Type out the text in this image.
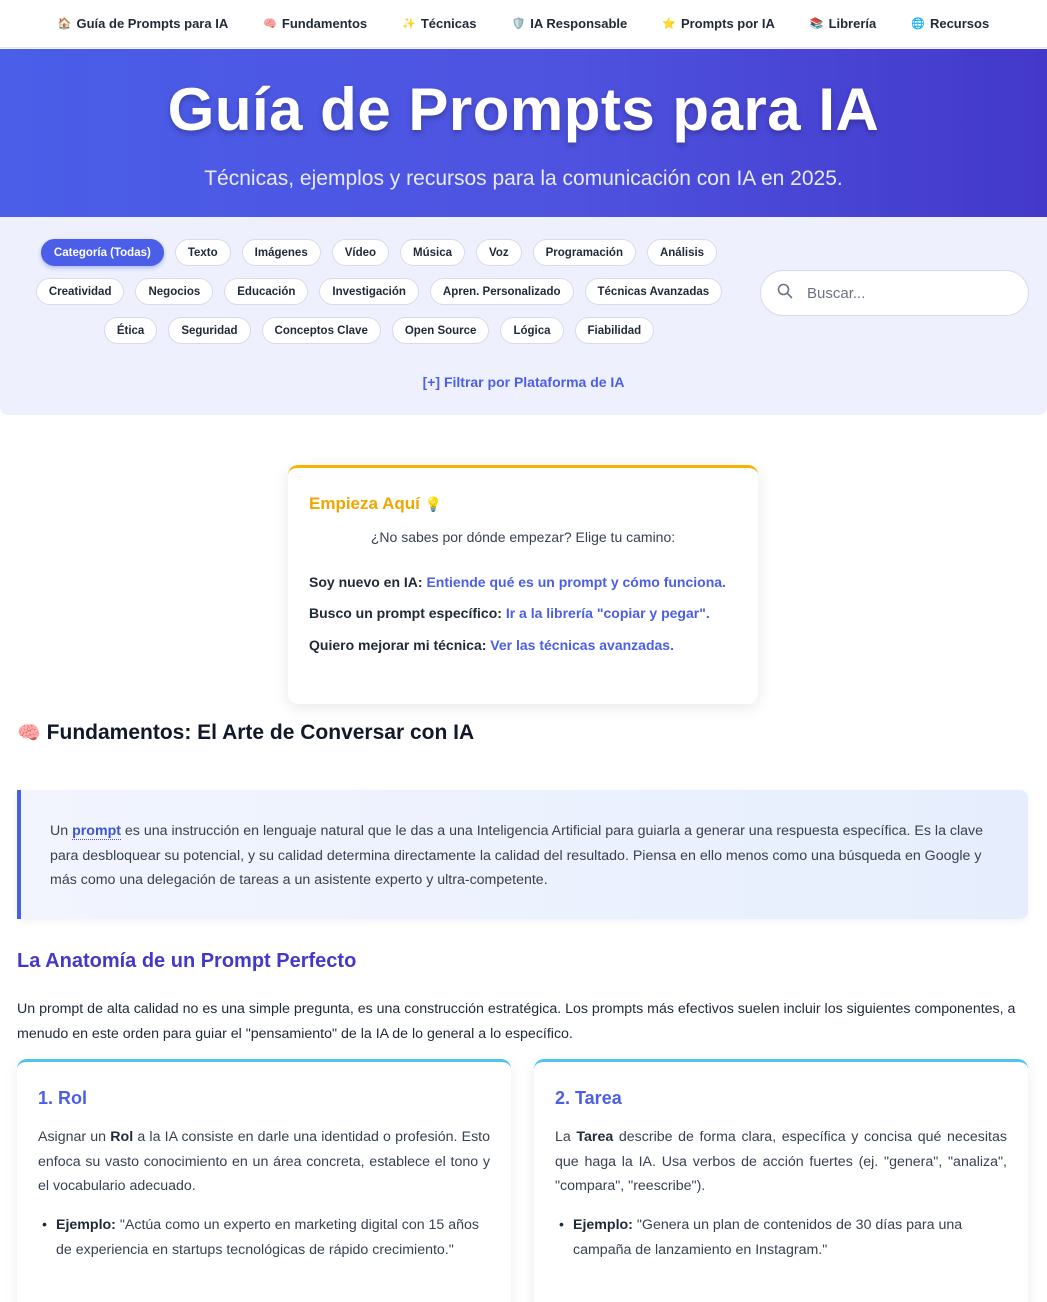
🏠 Guía de Prompts para IA	🧠 Fundamentos	✨ Técnicas	🛡️ IA Responsable	⭐ Prompts por IA	📚 Librería	🌐 Recursos
Guía de Prompts para IA

Técnicas, ejemplos y recursos para la comunicación con IA en 2025.

Categoría (Todas)	Texto	Imágenes	Vídeo	Música	Voz	Programación	Análisis
Creatividad	Negocios	Educación	Investigación	Apren. Personalizado	Técnicas Avanzadas
Ética	Seguridad	Conceptos Clave	Open Source	Lógica	Fiabilidad
Buscar...
[+] Filtrar por Plataforma de IA
Empieza Aquí 💡
¿No sabes por dónde empezar? Elige tu camino:
Soy nuevo en IA: Entiende qué es un prompt y cómo funciona.
Busco un prompt específico: Ir a la librería "copiar y pegar".
Quiero mejorar mi técnica: Ver las técnicas avanzadas.
🧠 Fundamentos: El Arte de Conversar con IA
Un prompt es una instrucción en lenguaje natural que le das a una Inteligencia Artificial para guiarla a generar una respuesta específica. Es la clave para desbloquear su potencial, y su calidad determina directamente la calidad del resultado. Piensa en ello menos como una búsqueda en Google y más como una delegación de tareas a un asistente experto y ultra-competente.
La Anatomía de un Prompt Perfecto

Un prompt de alta calidad no es una simple pregunta, es una construcción estratégica. Los prompts más efectivos suelen incluir los siguientes componentes, a menudo en este orden para guiar el "pensamiento" de la IA de lo general a lo específico.

1. Rol

Asignar un Rol a la IA consiste en darle una identidad o profesión. Esto enfoca su vasto conocimiento en un área concreta, establece el tono y el vocabulario adecuado.

• Ejemplo: "Actúa como un experto en marketing digital con 15 años de experiencia en startups tecnológicas de rápido crecimiento."
2. Tarea

La Tarea describe de forma clara, específica y concisa qué necesitas que haga la IA. Usa verbos de acción fuertes (ej. "genera", "analiza", "compara", "reescribe").

• Ejemplo: "Genera un plan de contenidos de 30 días para una campaña de lanzamiento en Instagram."
